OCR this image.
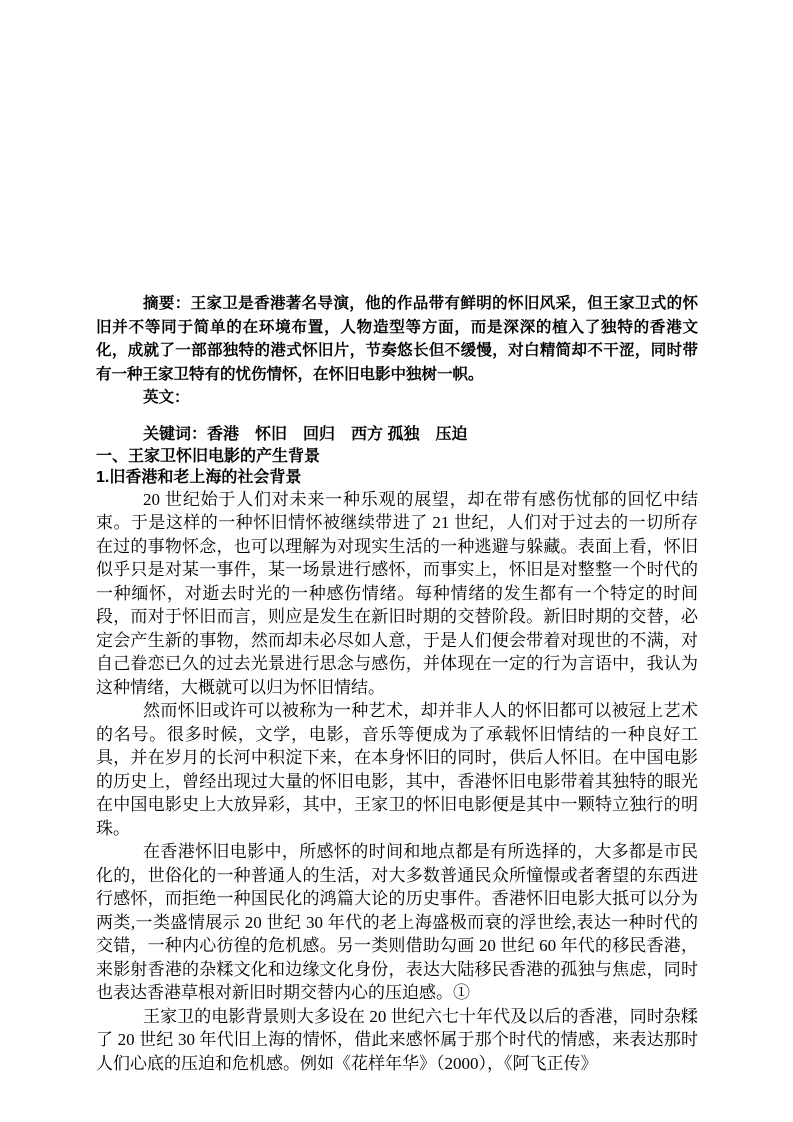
摘要：王家卫是香港著名导演，他的作品带有鲜明的怀旧风采，但王家卫式的怀旧并不等同于简单的在环境布置，人物造型等方面，而是深深的植入了独特的香港文化，成就了一部部独特的港式怀旧片，节奏悠长但不缓慢，对白精简却不干涩，同时带有一种王家卫特有的忧伤情怀，在怀旧电影中独树一帜。

英文：

关键词：香港　怀旧　回归　西方 孤独　压迫

一、王家卫怀旧电影的产生背景
1.旧香港和老上海的社会背景

20 世纪始于人们对未来一种乐观的展望，却在带有感伤忧郁的回忆中结束。于是这样的一种怀旧情怀被继续带进了 21 世纪，人们对于过去的一切所存在过的事物怀念，也可以理解为对现实生活的一种逃避与躲藏。表面上看，怀旧似乎只是对某一事件，某一场景进行感怀，而事实上，怀旧是对整整一个时代的一种缅怀，对逝去时光的一种感伤情绪。每种情绪的发生都有一个特定的时间段，而对于怀旧而言，则应是发生在新旧时期的交替阶段。新旧时期的交替，必定会产生新的事物，然而却未必尽如人意，于是人们便会带着对现世的不满，对自己眷恋已久的过去光景进行思念与感伤，并体现在一定的行为言语中，我认为这种情绪，大概就可以归为怀旧情结。

然而怀旧或许可以被称为一种艺术，却并非人人的怀旧都可以被冠上艺术的名号。很多时候，文学，电影，音乐等便成为了承载怀旧情结的一种良好工具，并在岁月的长河中积淀下来，在本身怀旧的同时，供后人怀旧。在中国电影的历史上，曾经出现过大量的怀旧电影，其中，香港怀旧电影带着其独特的眼光在中国电影史上大放异彩，其中，王家卫的怀旧电影便是其中一颗特立独行的明珠。

在香港怀旧电影中，所感怀的时间和地点都是有所选择的，大多都是市民化的，世俗化的一种普通人的生活，对大多数普通民众所憧憬或者奢望的东西进行感怀，而拒绝一种国民化的鸿篇大论的历史事件。香港怀旧电影大抵可以分为两类,一类盛情展示 20 世纪 30 年代的老上海盛极而衰的浮世绘,表达一种时代的交错，一种内心彷徨的危机感。另一类则借助勾画 20 世纪 60 年代的移民香港，来影射香港的杂糅文化和边缘文化身份，表达大陆移民香港的孤独与焦虑，同时也表达香港草根对新旧时期交替内心的压迫感。①

王家卫的电影背景则大多设在 20 世纪六七十年代及以后的香港，同时杂糅了 20 世纪 30 年代旧上海的情怀，借此来感怀属于那个时代的情感，来表达那时人们心底的压迫和危机感。例如《花样年华》（2000），《阿飞正传》
